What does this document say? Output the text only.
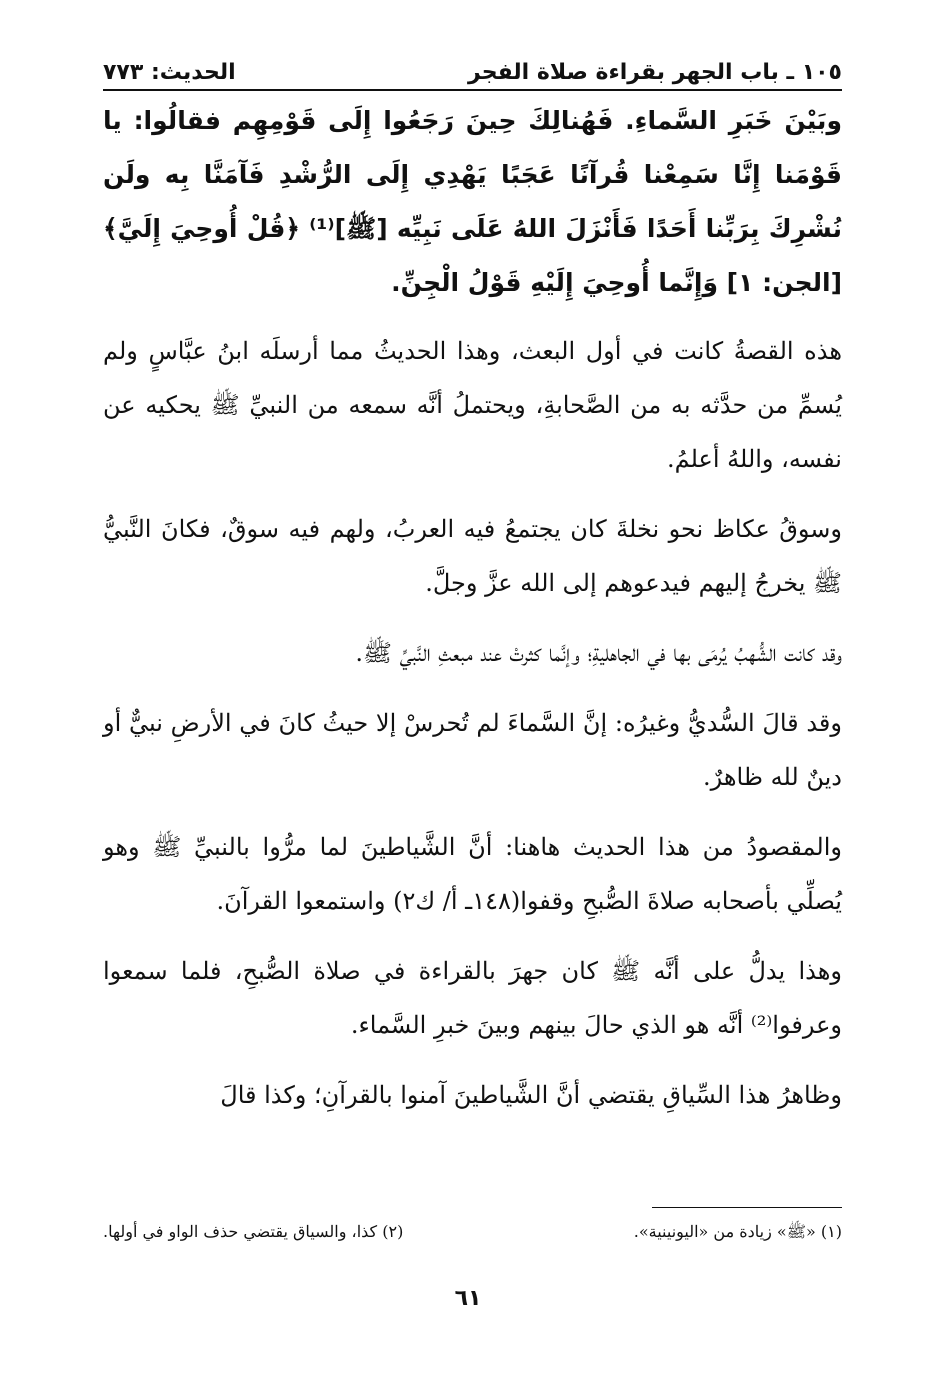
١٠٥ ـ باب الجهر بقراءة صلاة الفجر
الحديث: ٧٧٣

وبَيْنَ خَبَرِ السَّماءِ. فَهُنالِكَ حِينَ رَجَعُوا إِلَى قَوْمِهِم فقالُوا: يا قَوْمَنا إِنَّا سَمِعْنا قُرآنًا عَجَبًا يَهْدِي إِلَى الرُّشْدِ فَآمَنَّا بِه ولَن نُشْرِكَ بِرَبِّنا أَحَدًا فَأَنْزَلَ اللهُ عَلَى نَبِيِّه [ﷺ]⁽¹⁾ ﴿قُلْ أُوحِيَ إِلَيَّ﴾ [الجن: ١] وَإِنَّما أُوحِيَ إِلَيْهِ قَوْلُ الْجِنِّ.

هذه القصةُ كانت في أول البعث، وهذا الحديثُ مما أرسلَه ابنُ عبَّاسٍ ولم يُسمِّ من حدَّثه به من الصَّحابةِ، ويحتملُ أنَّه سمعه من النبيِّ ﷺ يحكيه عن نفسه، واللهُ أعلمُ.

وسوقُ عكاظ نحو نخلةَ كان يجتمعُ فيه العربُ، ولهم فيه سوقٌ، فكانَ النَّبيُّ ﷺ يخرجُ إليهم فيدعوهم إلى الله عزَّ وجلَّ.

وقد كانت الشُّهبُ يُرمَى بها في الجاهليةِ؛ وإنَّما كثرتْ عند مبعثِ النَّبيِّ ﷺ.

وقد قالَ السُّديُّ وغيرُه: إنَّ السَّماءَ لم تُحرسْ إلا حيثُ كانَ في الأرضِ نبيٌّ أو دينٌ لله ظاهرٌ.

والمقصودُ من هذا الحديث هاهنا: أنَّ الشَّياطينَ لما مرُّوا بالنبيِّ ﷺ وهو يُصلِّي بأصحابه صلاةَ الصُّبحِ وقفوا(١٤٨ـ أ/ ك٢) واستمعوا القرآنَ.

وهذا يدلُّ على أنَّه ﷺ كان جهرَ بالقراءة في صلاة الصُّبحِ، فلما سمعوا وعرفوا⁽²⁾ أنَّه هو الذي حالَ بينهم وبينَ خبرِ السَّماء.

وظاهرُ هذا السِّياقِ يقتضي أنَّ الشَّياطينَ آمنوا بالقرآنِ؛ وكذا قالَ

(١) «ﷺ» زيادة من «اليونينية».
(٢) كذا، والسياق يقتضي حذف الواو في أولها.
٦١
